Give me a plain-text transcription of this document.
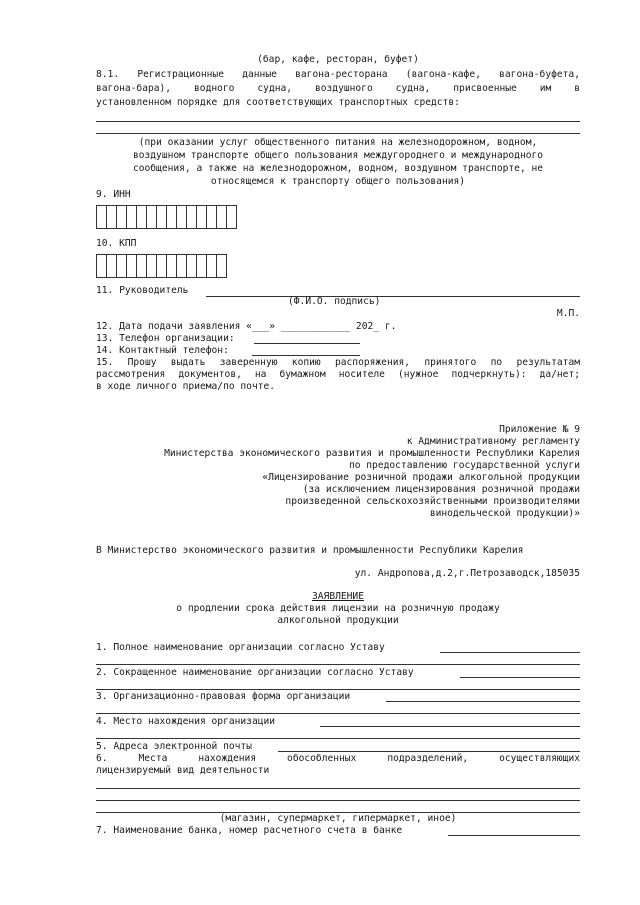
(бар, кафе, ресторан, буфет)
8.1. Регистрационные данные вагона-ресторана (вагона-кафе, вагона-буфета,
вагона-бара), водного судна, воздушного судна, присвоенные им в
установленном порядке для соответствующих транспортных средств:
(при оказании услуг общественного питания на железнодорожном, водном,
воздушном транспорте общего пользования междугороднего и международного
сообщения, а также на железнодорожном, водном, воздушном транспорте, не
относящемся к транспорту общего пользования)
9. ИНН
10. КПП
11. Руководитель
(Ф.И.О. подпись)
М.П.
12. Дата подачи заявления «___» ____________ 202_ г.
13. Телефон организации:
14. Контактный телефон:
15. Прошу выдать заверенную копию распоряжения, принятого по результатам
рассмотрения документов, на бумажном носителе (нужное подчеркнуть): да/нет;
в ходе личного приема/по почте.
Приложение № 9
к Административному регламенту
Министерства экономического развития и промышленности Республики Карелия
по предоставлению государственной услуги
«Лицензирование розничной продажи алкогольной продукции
(за исключением лицензирования розничной продажи
произведенной сельскохозяйственными производителями
винодельческой продукции)»
В Министерство экономического развития и промышленности Республики Карелия
ул. Андропова,д.2,г.Петрозаводск,185035
ЗАЯВЛЕНИЕ
о продлении срока действия лицензии на розничную продажу
алкогольной продукции
1. Полное наименование организации согласно Уставу
2. Сокращенное наименование организации согласно Уставу
3. Организационно-правовая форма организации
4. Место нахождения организации
5. Адреса электронной почты
6. Места нахождения обособленных подразделений, осуществляющих
лицензируемый вид деятельности
(магазин, супермаркет, гипермаркет, иное)
7. Наименование банка, номер расчетного счета в банке
